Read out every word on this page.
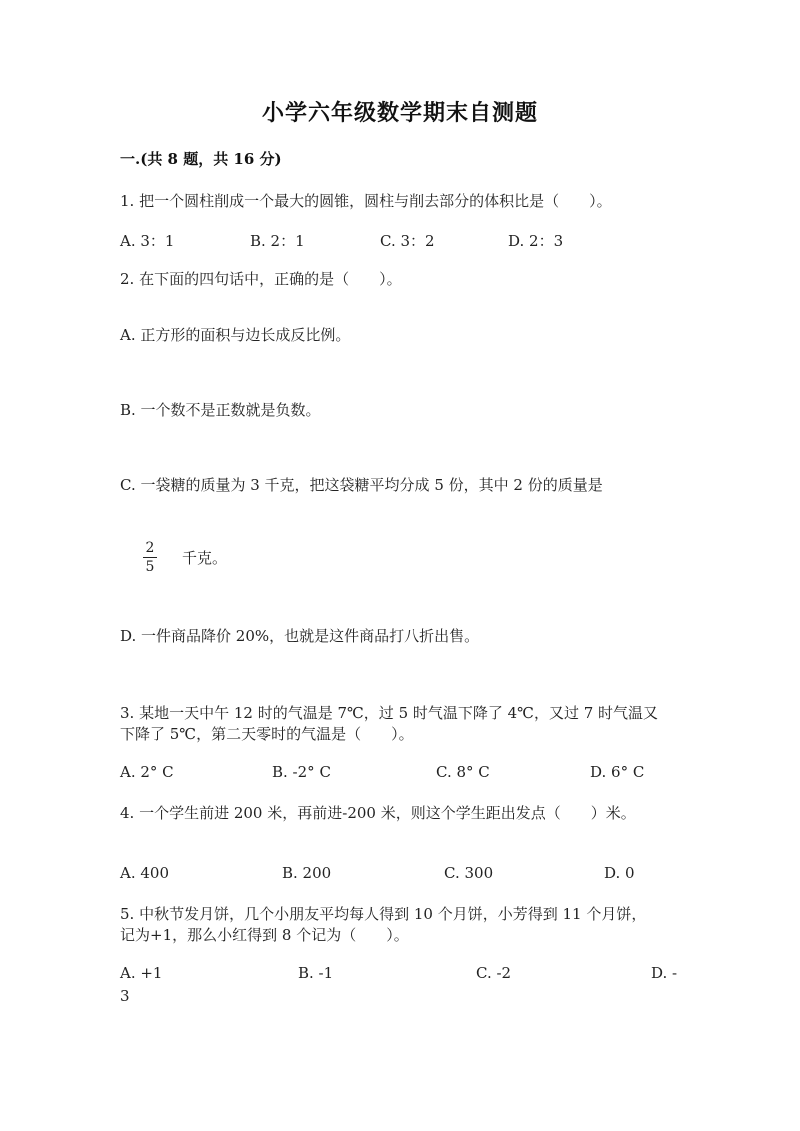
小学六年级数学期末自测题
一.(共 8 题，共 16 分)
1. 把一个圆柱削成一个最大的圆锥，圆柱与削去部分的体积比是（　　）。
A. 3：1	B. 2：1	C. 3：2	D. 2：3
2. 在下面的四句话中，正确的是（　　）。
A. 正方形的面积与边长成反比例。
B. 一个数不是正数就是负数。
C. 一袋糖的质量为 3 千克，把这袋糖平均分成 5 份，其中 2 份的质量是
2
5 千克。
D. 一件商品降价 20%，也就是这件商品打八折出售。
3. 某地一天中午 12 时的气温是 7℃，过 5 时气温下降了 4℃，又过 7 时气温又
下降了 5℃，第二天零时的气温是（　　）。
A. 2° C	B. -2° C	C. 8° C	D. 6° C
4. 一个学生前进 200 米，再前进-200 米，则这个学生距出发点（　　）米。
A. 400	B. 200	C. 300	D. 0
5. 中秋节发月饼，几个小朋友平均每人得到 10 个月饼，小芳得到 11 个月饼，
记为+1，那么小红得到 8 个记为（　　）。
A. +1	B. -1	C. -2	D. -
3
